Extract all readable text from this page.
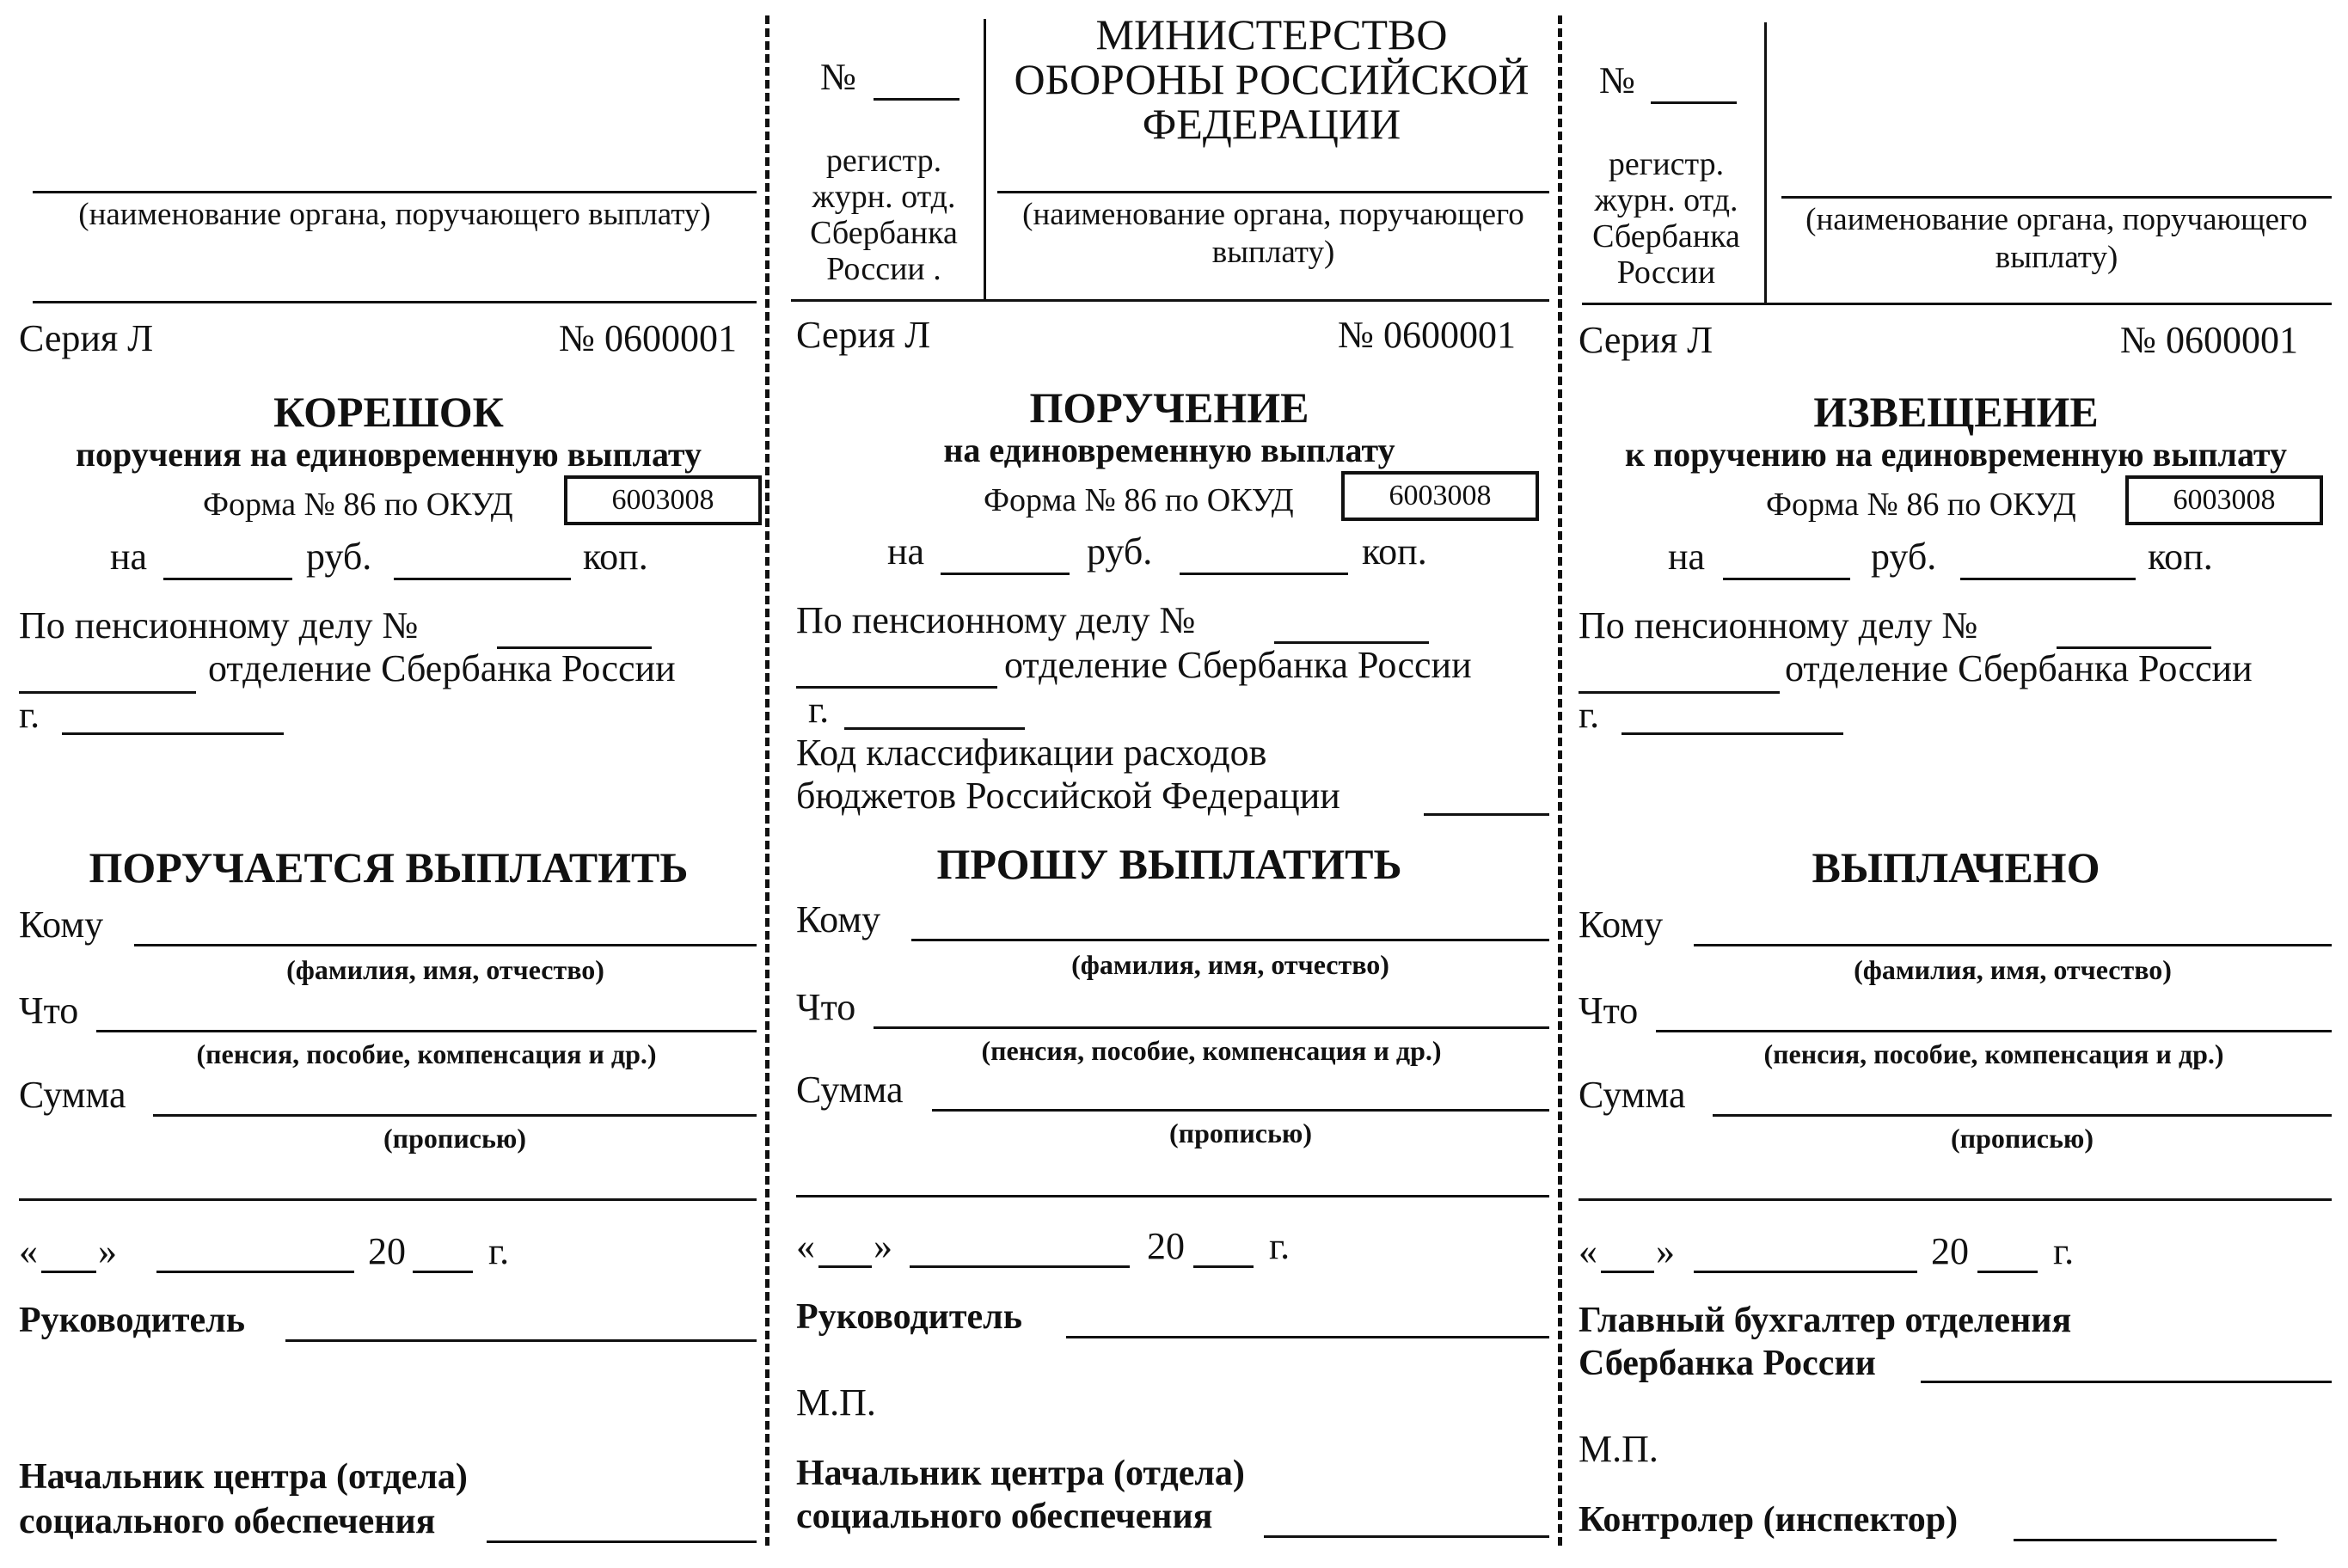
(наименование органа, поручающего выплату)
Серия Л	№ 0600001
КОРЕШОК
поручения на единовременную выплату
Форма № 86 по ОКУД	6003008
на	руб.	коп.
По пенсионному делу №
отделение Сбербанка России
г.
ПОРУЧАЕТСЯ ВЫПЛАТИТЬ
Кому
(фамилия, имя, отчество)
Что
(пенсия, пособие, компенсация и др.)
Сумма
(прописью)
« »	20 г.
Руководитель
Начальник центра (отдела)
социального обеспечения
№
регистр. журн. отд. Сбербанка России .
МИНИСТЕРСТВО ОБОРОНЫ РОССИЙСКОЙ ФЕДЕРАЦИИ
(наименование органа, поручающего выплату)
Серия Л	№ 0600001
ПОРУЧЕНИЕ
на единовременную выплату
Форма № 86 по ОКУД	6003008
на	руб.	коп.
По пенсионному делу №
отделение Сбербанка России
г.
Код классификации расходов
бюджетов Российской Федерации
ПРОШУ ВЫПЛАТИТЬ
Кому
(фамилия, имя, отчество)
Что
(пенсия, пособие, компенсация и др.)
Сумма
(прописью)
« »	20 г.
Руководитель
М.П.
Начальник центра (отдела)
социального обеспечения
№
регистр. журн. отд. Сбербанка России
(наименование органа, поручающего выплату)
Серия Л	№ 0600001
ИЗВЕЩЕНИЕ
к поручению на единовременную выплату
Форма № 86 по ОКУД	6003008
на	руб.	коп.
По пенсионному делу №
отделение Сбербанка России
г.
ВЫПЛАЧЕНО
Кому
(фамилия, имя, отчество)
Что
(пенсия, пособие, компенсация и др.)
Сумма
(прописью)
« »	20 г.
Главный бухгалтер отделения
Сбербанка России
М.П.
Контролер (инспектор)
